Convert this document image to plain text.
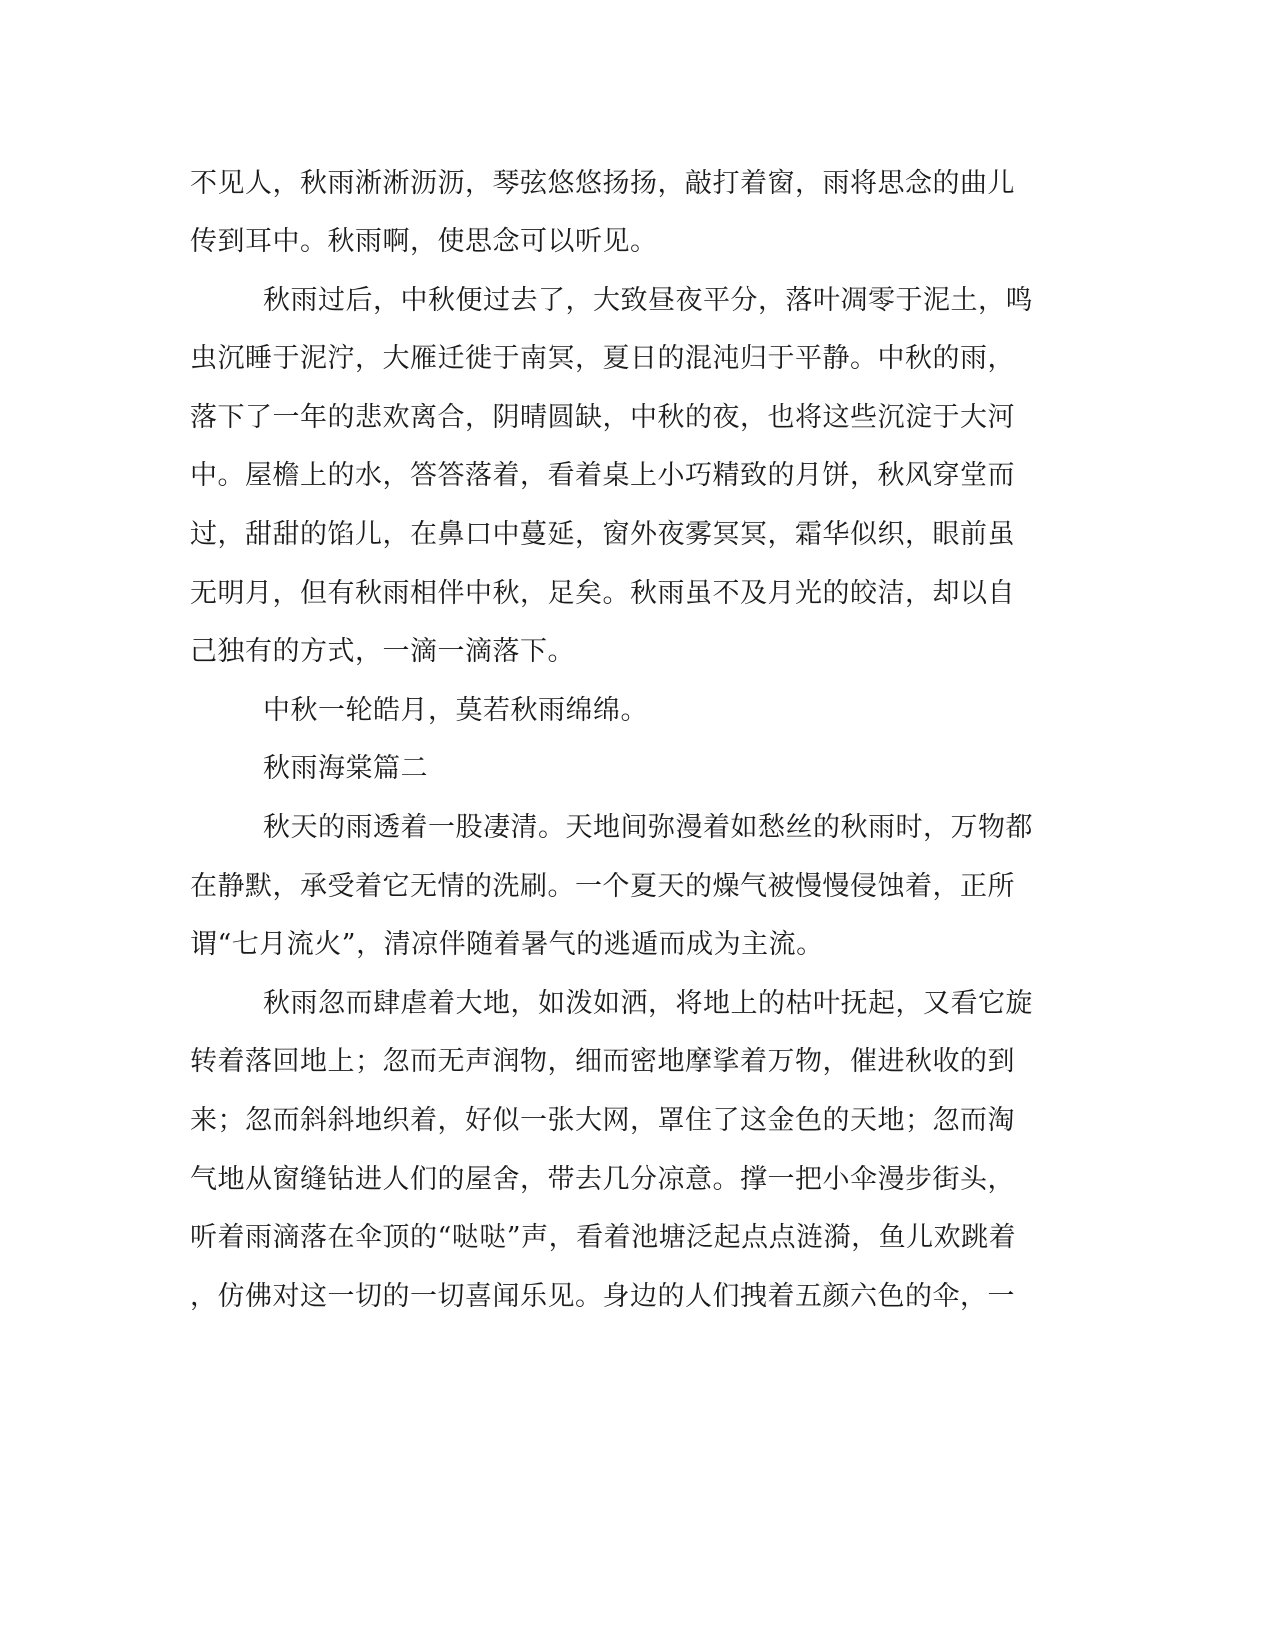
不见人，秋雨淅淅沥沥，琴弦悠悠扬扬，敲打着窗，雨将思念的曲儿

传到耳中。秋雨啊，使思念可以听见。

秋雨过后，中秋便过去了，大致昼夜平分，落叶凋零于泥土，鸣

虫沉睡于泥泞，大雁迁徙于南冥，夏日的混沌归于平静。中秋的雨，

落下了一年的悲欢离合，阴晴圆缺，中秋的夜，也将这些沉淀于大河

中。屋檐上的水，答答落着，看着桌上小巧精致的月饼，秋风穿堂而

过，甜甜的馅儿，在鼻口中蔓延，窗外夜雾冥冥，霜华似织，眼前虽

无明月，但有秋雨相伴中秋，足矣。秋雨虽不及月光的皎洁，却以自

己独有的方式，一滴一滴落下。

中秋一轮皓月，莫若秋雨绵绵。

秋雨海棠篇二

秋天的雨透着一股凄清。天地间弥漫着如愁丝的秋雨时，万物都

在静默，承受着它无情的洗刷。一个夏天的燥气被慢慢侵蚀着，正所

谓“七月流火”，清凉伴随着暑气的逃遁而成为主流。

秋雨忽而肆虐着大地，如泼如洒，将地上的枯叶抚起，又看它旋

转着落回地上；忽而无声润物，细而密地摩挲着万物，催进秋收的到

来；忽而斜斜地织着，好似一张大网，罩住了这金色的天地；忽而淘

气地从窗缝钻进人们的屋舍，带去几分凉意。撑一把小伞漫步街头，

听着雨滴落在伞顶的“哒哒”声，看着池塘泛起点点涟漪，鱼儿欢跳着

，仿佛对这一切的一切喜闻乐见。身边的人们拽着五颜六色的伞，一
